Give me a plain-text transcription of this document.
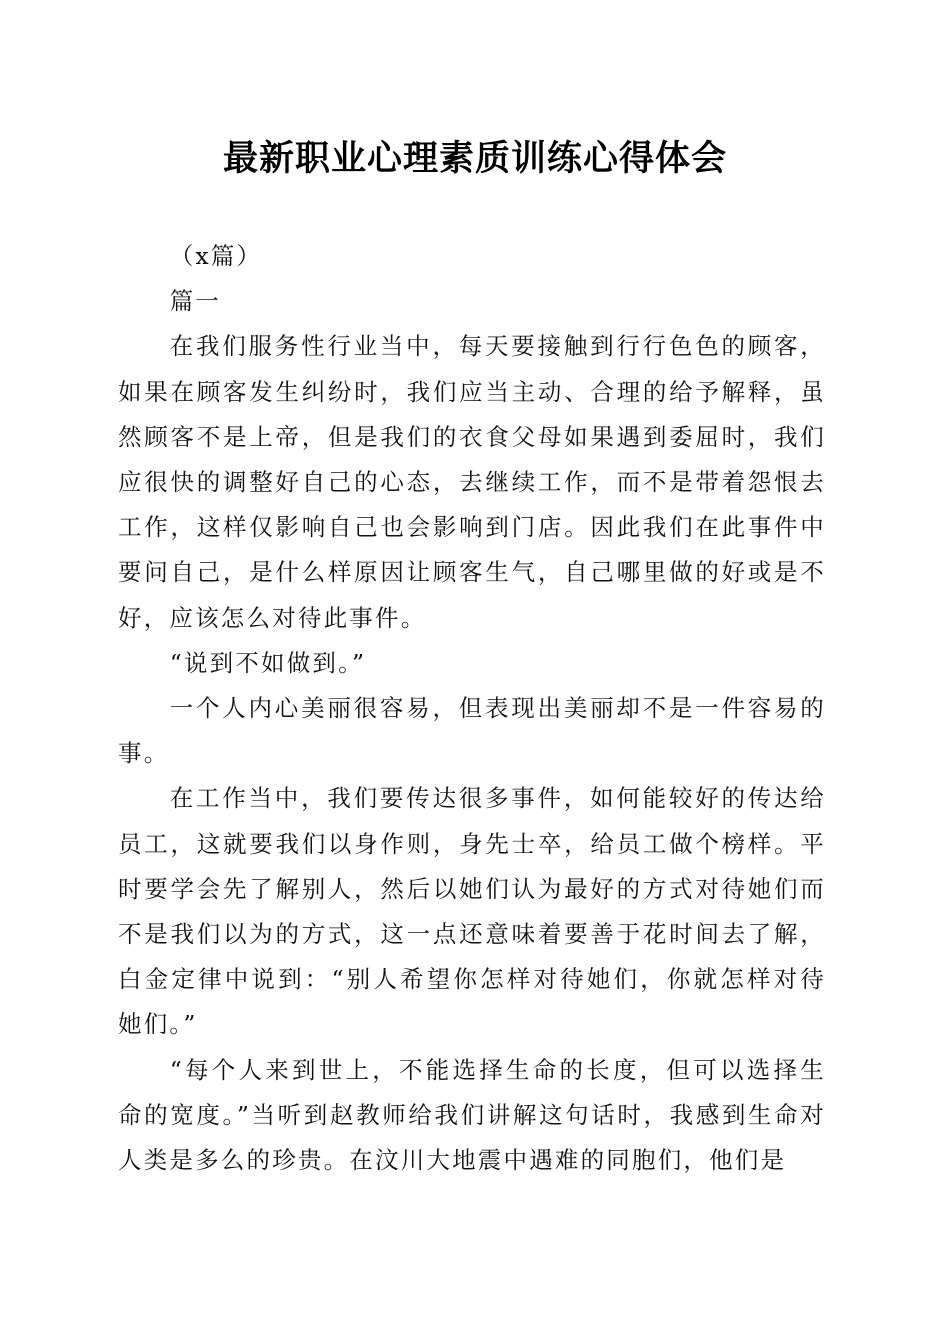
最新职业心理素质训练心得体会

（x篇）

篇一

在我们服务性行业当中，每天要接触到行行色色的顾客，如果在顾客发生纠纷时，我们应当主动、合理的给予解释，虽然顾客不是上帝，但是我们的衣食父母如果遇到委屈时，我们应很快的调整好自己的心态，去继续工作，而不是带着怨恨去工作，这样仅影响自己也会影响到门店。因此我们在此事件中要问自己，是什么样原因让顾客生气，自己哪里做的好或是不好，应该怎么对待此事件。

“说到不如做到。”

一个人内心美丽很容易，但表现出美丽却不是一件容易的事。

在工作当中，我们要传达很多事件，如何能较好的传达给员工，这就要我们以身作则，身先士卒，给员工做个榜样。平时要学会先了解别人，然后以她们认为最好的方式对待她们而不是我们以为的方式，这一点还意味着要善于花时间去了解，白金定律中说到：“别人希望你怎样对待她们，你就怎样对待她们。”

“每个人来到世上，不能选择生命的长度，但可以选择生命的宽度。”当听到赵教师给我们讲解这句话时，我感到生命对人类是多么的珍贵。在汶川大地震中遇难的同胞们，他们是
